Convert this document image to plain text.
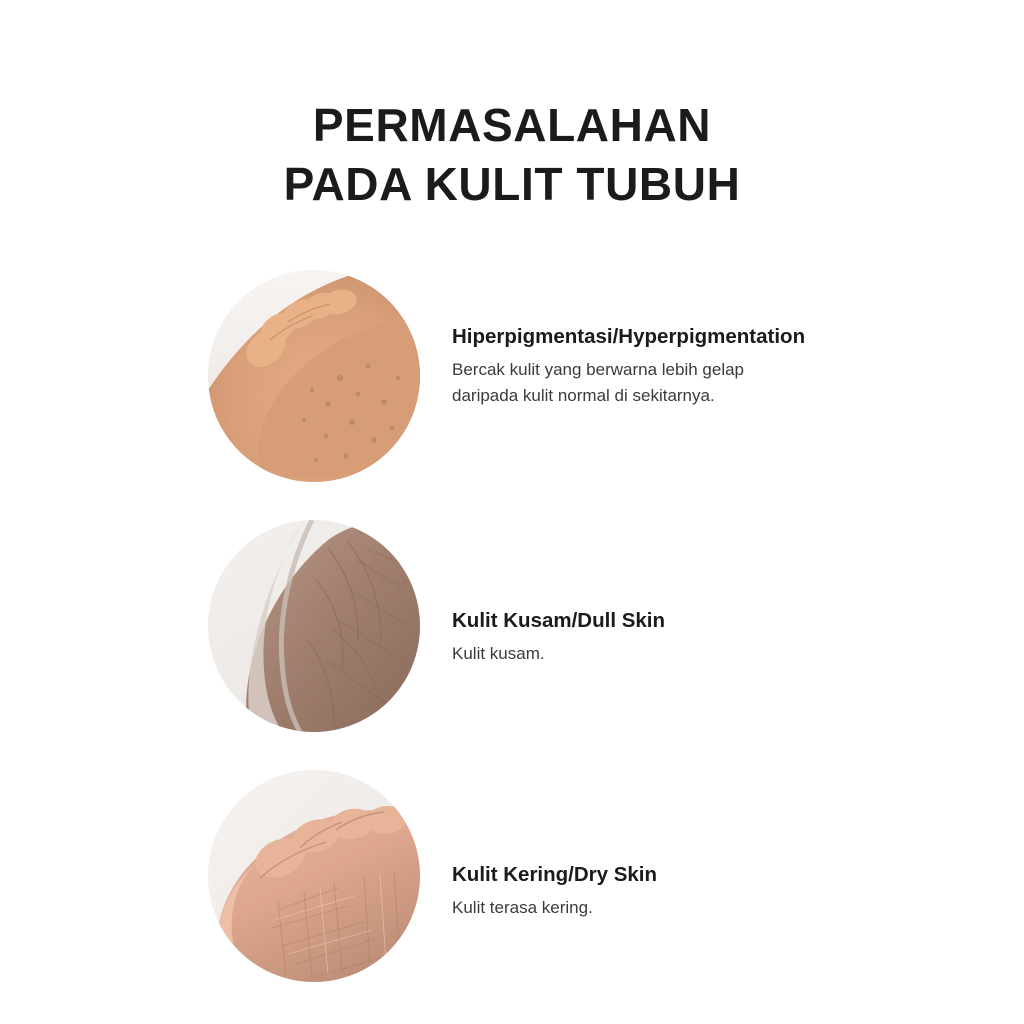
PERMASALAHAN
PADA KULIT TUBUH

Hiperpigmentasi/Hyperpigmentation

Bercak kulit yang berwarna lebih gelap

daripada kulit normal di sekitarnya.

Kulit Kusam/Dull Skin

Kulit kusam.

Kulit Kering/Dry Skin

Kulit terasa kering.
